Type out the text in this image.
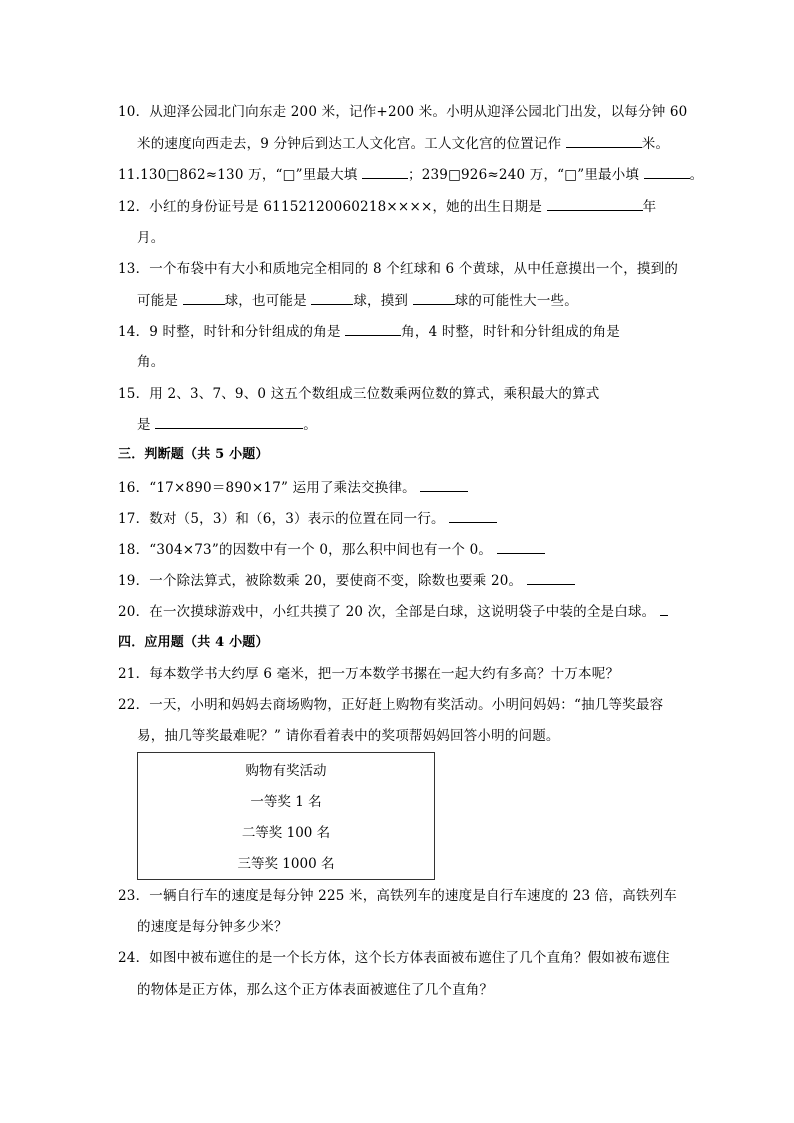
10．从迎泽公园北门向东走 200 米，记作+200 米。小明从迎泽公园北门出发，以每分钟 60
米的速度向西走去，9 分钟后到达工人文化宫。工人文化宫的位置记作	米。
11.130□862≈130 万，“□”里最大填	；239□926≈240 万，“□”里最小填	。
12．小红的身份证号是 61152120060218××××，她的出生日期是	年
月。
13．一个布袋中有大小和质地完全相同的 8 个红球和 6 个黄球，从中任意摸出一个，摸到的
可能是	球，也可能是	球，摸到	球的可能性大一些。
14．9 时整，时针和分针组成的角是	角，4 时整，时针和分针组成的角是
角。
15．用 2、3、7、9、0 这五个数组成三位数乘两位数的算式，乘积最大的算式
是	。
三．判断题（共 5 小题）
16．“17×890＝890×17” 运用了乘法交换律。
17．数对（5，3）和（6，3）表示的位置在同一行。
18．“304×73”的因数中有一个 0，那么积中间也有一个 0。
19．一个除法算式，被除数乘 20，要使商不变，除数也要乘 20。
20．在一次摸球游戏中，小红共摸了 20 次，全部是白球，这说明袋子中装的全是白球。
四．应用题（共 4 小题）
21．每本数学书大约厚 6 毫米，把一万本数学书摞在一起大约有多高？十万本呢？
22．一天，小明和妈妈去商场购物，正好赶上购物有奖活动。小明问妈妈：“抽几等奖最容
易，抽几等奖最难呢？” 请你看着表中的奖项帮妈妈回答小明的问题。
购物有奖活动
一等奖 1 名
二等奖 100 名
三等奖 1000 名
23．一辆自行车的速度是每分钟 225 米，高铁列车的速度是自行车速度的 23 倍，高铁列车
的速度是每分钟多少米？
24．如图中被布遮住的是一个长方体，这个长方体表面被布遮住了几个直角？假如被布遮住
的物体是正方体，那么这个正方体表面被遮住了几个直角？
